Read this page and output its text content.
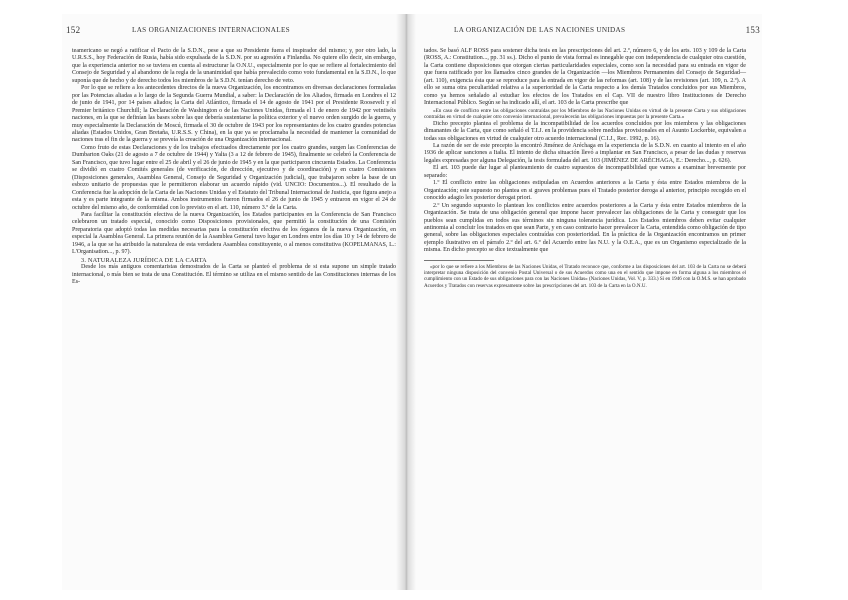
152	LAS ORGANIZACIONES INTERNACIONALES

teamericano se negó a ratificar el Pacto de la S.D.N., pese a que su Presidente fuera el inspirador del mismo; y, por otro lado, la U.R.S.S., hoy Federación de Rusia, había sido expulsada de la S.D.N. por su agresión a Finlandia. No quiere ello decir, sin embargo, que la experiencia anterior no se tuviera en cuenta al estructurar la O.N.U., especialmente por lo que se refiere al fortalecimiento del Consejo de Seguridad y al abandono de la regla de la unanimidad que había prevalecido como voto fundamental en la S.D.N., lo que suponía que de hecho y de derecho todos los miembros de la S.D.N. tenían derecho de veto.

Por lo que se refiere a los antecedentes directos de la nueva Organización, los encontramos en diversas declaraciones formuladas por las Potencias aliadas a lo largo de la Segunda Guerra Mundial, a saber: la Declaración de los Aliados, firmada en Londres el 12 de junio de 1941, por 14 países aliados; la Carta del Atlántico, firmada el 14 de agosto de 1941 por el Presidente Roosevelt y el Premier británico Churchill; la Declaración de Washington o de las Naciones Unidas, firmada el 1 de enero de 1942 por veintiséis naciones, en la que se definían las bases sobre las que debería sustentarse la política exterior y el nuevo orden surgido de la guerra, y muy especialmente la Declaración de Moscú, firmada el 30 de octubre de 1943 por los representantes de los cuatro grandes potencias aliadas (Estados Unidos, Gran Bretaña, U.R.S.S. y China), en la que ya se proclamaba la necesidad de mantener la comunidad de naciones tras el fin de la guerra y se preveía la creación de una Organización internacional.

Como fruto de estas Declaraciones y de los trabajos efectuados directamente por los cuatro grandes, surgen las Conferencias de Dumbarton Oaks (21 de agosto a 7 de octubre de 1944) y Yalta (3 a 12 de febrero de 1945), finalmente se celebró la Conferencia de San Francisco, que tuvo lugar entre el 25 de abril y el 26 de junio de 1945 y en la que participaron cincuenta Estados. La Conferencia se dividió en cuatro Comités generales (de verificación, de dirección, ejecutivo y de coordinación) y en cuatro Comisiones (Disposiciones generales, Asamblea General, Consejo de Seguridad y Organización judicial), que trabajaron sobre la base de un esbozo unitario de propuestas que le permitieron elaborar un acuerdo rápido (vid. UNCIO: Documentos...). El resultado de la Conferencia fue la adopción de la Carta de las Naciones Unidas y el Estatuto del Tribunal Internacional de Justicia, que figura anejo a esta y es parte integrante de la misma. Ambos instrumentos fueron firmados el 26 de junio de 1945 y entraron en vigor el 24 de octubre del mismo año, de conformidad con lo previsto en el art. 110, número 3.º de la Carta.

Para facilitar la constitución efectiva de la nueva Organización, los Estados participantes en la Conferencia de San Francisco celebraron un tratado especial, conocido como Disposiciones provisionales, que permitió la constitución de una Comisión Preparatoria que adoptó todas las medidas necesarias para la constitución efectiva de los órganos de la nueva Organización, en especial la Asamblea General. La primera reunión de la Asamblea General tuvo lugar en Londres entre los días 10 y 14 de febrero de 1946, a la que se ha atribuido la naturaleza de esta verdadera Asamblea constituyente, o al menos constitutiva (KOPELMANAS, L.: L'Organisation..., p. 97).

3. NATURALEZA JURÍDICA DE LA CARTA

Desde los más antiguos comentaristas demostrados de la Carta se planteó el problema de si esta supone un simple tratado internacional, o más bien se trata de una Constitución. El término se utiliza en el mismo sentido de las Constituciones internas de los Es-

LA ORGANIZACIÓN DE LAS NACIONES UNIDAS	153

tados. Se basó ALF ROSS para sostener dicha tesis en las prescripciones del art. 2.º, número 6, y de los arts. 103 y 109 de la Carta (ROSS, A.: Constitution..., pp. 31 ss.). Dicho el punto de vista formal es innegable que con independencia de cualquier otra cuestión, la Carta contiene disposiciones que otorgan ciertas particularidades especiales, como son la necesidad para su entrada en vigor de que fuera ratificado por los llamados cinco grandes de la Organización —los Miembros Permanentes del Consejo de Seguridad— (art. 110), exigencia ésta que se reproduce para la entrada en vigor de las reformas (art. 108) y de las revisiones (art. 109, n. 2.º). A ello se suma otra peculiaridad relativa a la superioridad de la Carta respecto a los demás Tratados concluidos por sus Miembros, como ya hemos señalado al estudiar los efectos de los Tratados en el Cap. VII de nuestro libro Instituciones de Derecho Internacional Público. Según se ha indicado allí, el art. 103 de la Carta prescribe que

«En caso de conflicto entre las obligaciones contraídas por los Miembros de las Naciones Unidas en virtud de la presente Carta y sus obligaciones contraídas en virtud de cualquier otro convenio internacional, prevalecerán las obligaciones impuestas por la presente Carta.»

Dicho precepto plantea el problema de la incompatibilidad de los acuerdos concluidos por los miembros y las obligaciones dimanantes de la Carta, que como señaló el T.I.J. en la providencia sobre medidas provisionales en el Asunto Lockerbie, equivalen a todas sus obligaciones en virtud de cualquier otro acuerdo internacional (C.I.J., Rec. 1992, p. 16).

La razón de ser de este precepto la encontró Jiménez de Aréchaga en la experiencia de la S.D.N. en cuanto al intento en el año 1936 de aplicar sanciones a Italia. El intento de dicha situación llevó a implantar en San Francisco, a pesar de las dudas y reservas legales expresadas por alguna Delegación, la tesis formulada del art. 103 (JIMÉNEZ DE ARÉCHAGA, E.: Derecho..., p. 626).

El art. 103 puede dar lugar al planteamiento de cuatro supuestos de incompatibilidad que vamos a examinar brevemente por separado:

1.º El conflicto entre las obligaciones estipuladas en Acuerdos anteriores a la Carta y ésta entre Estados miembros de la Organización; este supuesto no plantea en si graves problemas pues el Tratado posterior deroga al anterior, principio recogido en el conocido adagio lex posterior derogat priori.

2.º Un segundo supuesto lo plantean los conflictos entre acuerdos posteriores a la Carta y ésta entre Estados miembros de la Organización. Se trata de una obligación general que impone hacer prevalecer las obligaciones de la Carta y conseguir que los pueblos sean cumplidas en todos sus términos sin ninguna tolerancia jurídica. Los Estados miembros deben evitar cualquier antinomia al concluir los tratados en que sean Parte, y en caso contrario hacer prevalecer la Carta, entendida como obligación de tipo general, sobre las obligaciones especiales contraídas con posterioridad. En la práctica de la Organización encontramos un primer ejemplo ilustrativo en el párrafo 2.º del art. 6.º del Acuerdo entre las N.U. y la O.E.A., que es un Organismo especializado de la misma. En dicho precepto se dice textualmente que

«por lo que se refiere a los Miembros de las Naciones Unidas, el Tratado reconoce que, conforme a las disposiciones del art. 103 de la Carta no se deberá interpretar ninguna disposición del convenio Postal Universal o de sus Acuerdos como una en el sentido que impone en forma alguna a los miembros el cumplimiento con un Estado de sus obligaciones para con las Naciones Unidas» (Naciones Unidas, Vol. V, p. 333.) Si en 1946 con la O.M.S. se han aprobado Acuerdos y Tratados con reservas expresamente sobre las prescripciones del art. 103 de la Carta en la O.N.U.
